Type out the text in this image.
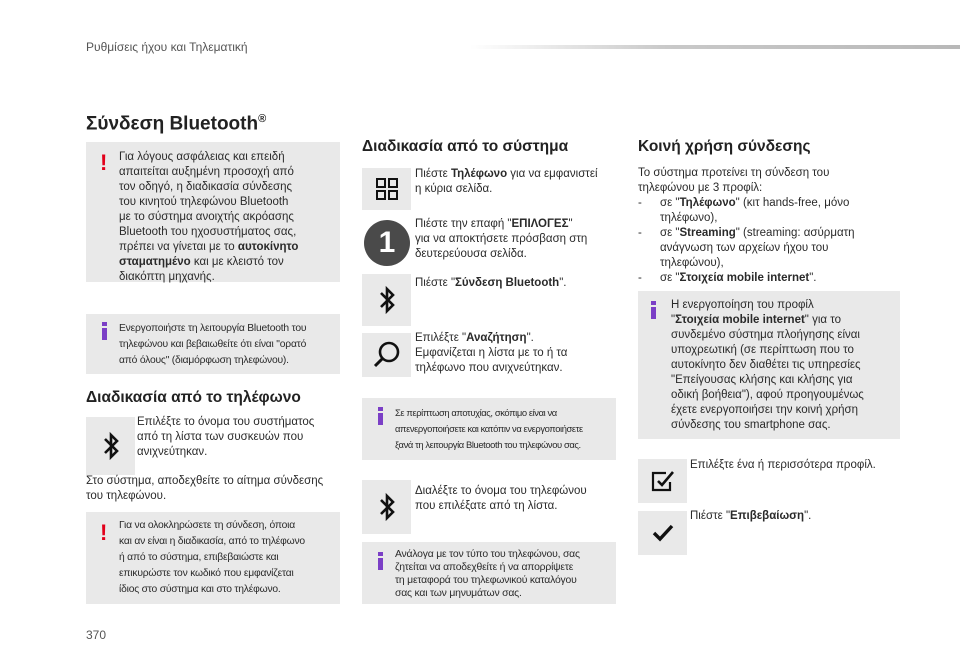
Ρυθμίσεις ήχου και Τηλεματική
Σύνδεση Bluetooth®
! Για λόγους ασφάλειας και επειδή
απαιτείται αυξημένη προσοχή από
τον οδηγό, η διαδικασία σύνδεσης
του κινητού τηλεφώνου Bluetooth
με το σύστημα ανοιχτής ακρόασης
Bluetooth του ηχοσυστήματος σας,
πρέπει να γίνεται με το αυτοκίνητο
σταματημένο και με κλειστό τον
διακόπτη μηχανής.
Ενεργοποιήστε τη λειτουργία Bluetooth του
τηλεφώνου και βεβαιωθείτε ότι είναι "ορατό
από όλους" (διαμόρφωση τηλεφώνου).
Διαδικασία από το τηλέφωνο
Επιλέξτε το όνομα του συστήματος
από τη λίστα των συσκευών που
ανιχνεύτηκαν.
Στο σύστημα, αποδεχθείτε το αίτημα σύνδεσης
του τηλεφώνου.
! Για να ολοκληρώσετε τη σύνδεση, όποια
και αν είναι η διαδικασία, από το τηλέφωνο
ή από το σύστημα, επιβεβαιώστε και
επικυρώστε τον κωδικό που εμφανίζεται
ίδιος στο σύστημα και στο τηλέφωνο.
Διαδικασία από το σύστημα
Πιέστε Τηλέφωνο για να εμφανιστεί
η κύρια σελίδα.
1
Πιέστε την επαφή "ΕΠΙΛΟΓΕΣ"
για να αποκτήσετε πρόσβαση στη
δευτερεύουσα σελίδα.
Πιέστε "Σύνδεση Bluetooth".
Επιλέξτε "Αναζήτηση".
Εμφανίζεται η λίστα με το ή τα
τηλέφωνο που ανιχνεύτηκαν.
Σε περίπτωση αποτυχίας, σκόπιμο είναι να
απενεργοποιήσετε και κατόπιν να ενεργοποιήσετε
ξανά τη λειτουργία Bluetooth του τηλεφώνου σας.
Διαλέξτε το όνομα του τηλεφώνου
που επιλέξατε από τη λίστα.
Ανάλογα με τον τύπο του τηλεφώνου, σας
ζητείται να αποδεχθείτε ή να απορρίψετε
τη μεταφορά του τηλεφωνικού καταλόγου
σας και των μηνυμάτων σας.
Κοινή χρήση σύνδεσης
Το σύστημα προτείνει τη σύνδεση του
τηλεφώνου με 3 προφίλ:
- σε "Τηλέφωνο" (κιτ hands-free, μόνο
τηλέφωνο),
- σε "Streaming" (streaming: ασύρματη
ανάγνωση των αρχείων ήχου του
τηλεφώνου),
- σε "Στοιχεία mobile internet".
Η ενεργοποίηση του προφίλ
"Στοιχεία mobile internet" για το
συνδεμένο σύστημα πλοήγησης είναι
υποχρεωτική (σε περίπτωση που το
αυτοκίνητο δεν διαθέτει τις υπηρεσίες
"Επείγουσας κλήσης και κλήσης για
οδική βοήθεια"), αφού προηγουμένως
έχετε ενεργοποιήσει την κοινή χρήση
σύνδεσης του smartphone σας.
Επιλέξτε ένα ή περισσότερα προφίλ.
Πιέστε "Επιβεβαίωση".
370
